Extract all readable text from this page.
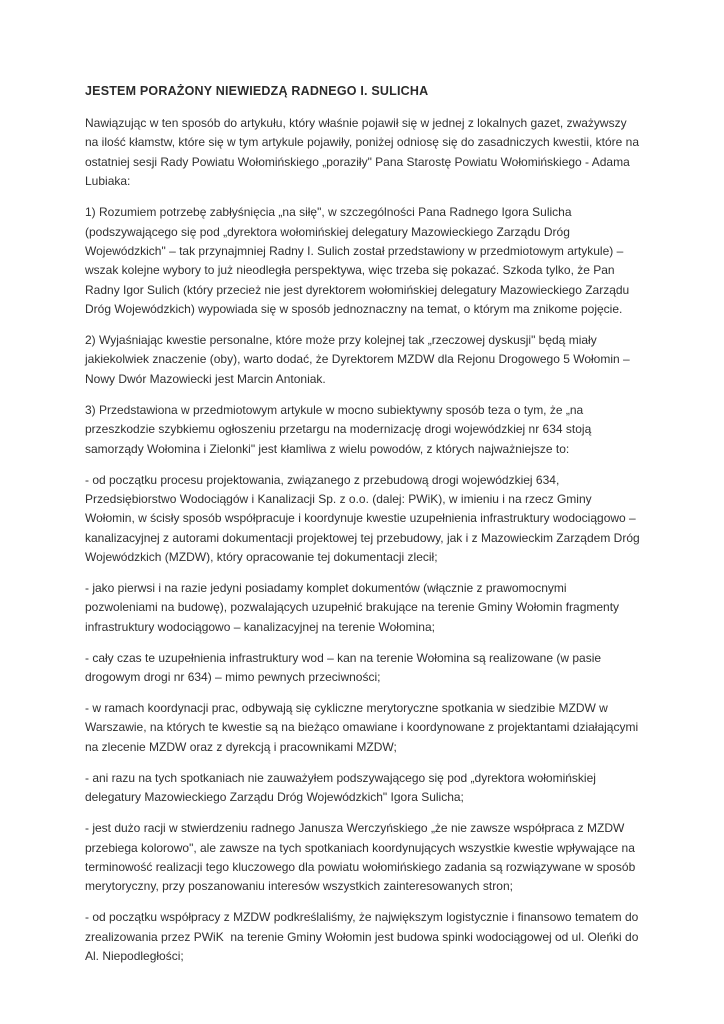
JESTEM PORAŻONY NIEWIEDZĄ RADNEGO I. SULICHA

Nawiązując w ten sposób do artykułu, który właśnie pojawił się w jednej z lokalnych gazet, zważywszy na ilość kłamstw, które się w tym artykule pojawiły, poniżej odniosę się do zasadniczych kwestii, które na ostatniej sesji Rady Powiatu Wołomińskiego „poraziły" Pana Starostę Powiatu Wołomińskiego - Adama Lubiaka:

1) Rozumiem potrzebę zabłyśnięcia „na siłę", w szczególności Pana Radnego Igora Sulicha (podszywającego się pod „dyrektora wołomińskiej delegatury Mazowieckiego Zarządu Dróg Wojewódzkich" – tak przynajmniej Radny I. Sulich został przedstawiony w przedmiotowym artykule) – wszak kolejne wybory to już nieodległa perspektywa, więc trzeba się pokazać. Szkoda tylko, że Pan Radny Igor Sulich (który przecież nie jest dyrektorem wołomińskiej delegatury Mazowieckiego Zarządu Dróg Wojewódzkich) wypowiada się w sposób jednoznaczny na temat, o którym ma znikome pojęcie.

2) Wyjaśniając kwestie personalne, które może przy kolejnej tak „rzeczowej dyskusji" będą miały jakiekolwiek znaczenie (oby), warto dodać, że Dyrektorem MZDW dla Rejonu Drogowego 5 Wołomin – Nowy Dwór Mazowiecki jest Marcin Antoniak.

3) Przedstawiona w przedmiotowym artykule w mocno subiektywny sposób teza o tym, że „na przeszkodzie szybkiemu ogłoszeniu przetargu na modernizację drogi wojewódzkiej nr 634 stoją samorządy Wołomina i Zielonki" jest kłamliwa z wielu powodów, z których najważniejsze to:

- od początku procesu projektowania, związanego z przebudową drogi wojewódzkiej 634, Przedsiębiorstwo Wodociągów i Kanalizacji Sp. z o.o. (dalej: PWiK), w imieniu i na rzecz Gminy Wołomin, w ścisły sposób współpracuje i koordynuje kwestie uzupełnienia infrastruktury wodociągowo – kanalizacyjnej z autorami dokumentacji projektowej tej przebudowy, jak i z Mazowieckim Zarządem Dróg Wojewódzkich (MZDW), który opracowanie tej dokumentacji zlecił;

- jako pierwsi i na razie jedyni posiadamy komplet dokumentów (włącznie z prawomocnymi pozwoleniami na budowę), pozwalających uzupełnić brakujące na terenie Gminy Wołomin fragmenty infrastruktury wodociągowo – kanalizacyjnej na terenie Wołomina;

- cały czas te uzupełnienia infrastruktury wod – kan na terenie Wołomina są realizowane (w pasie drogowym drogi nr 634) – mimo pewnych przeciwności;

- w ramach koordynacji prac, odbywają się cykliczne merytoryczne spotkania w siedzibie MZDW w Warszawie, na których te kwestie są na bieżąco omawiane i koordynowane z projektantami działającymi na zlecenie MZDW oraz z dyrekcją i pracownikami MZDW;

- ani razu na tych spotkaniach nie zauważyłem podszywającego się pod „dyrektora wołomińskiej delegatury Mazowieckiego Zarządu Dróg Wojewódzkich" Igora Sulicha;

- jest dużo racji w stwierdzeniu radnego Janusza Werczyńskiego „że nie zawsze współpraca z MZDW przebiega kolorowo", ale zawsze na tych spotkaniach koordynujących wszystkie kwestie wpływające na terminowość realizacji tego kluczowego dla powiatu wołomińskiego zadania są rozwiązywane w sposób merytoryczny, przy poszanowaniu interesów wszystkich zainteresowanych stron;

- od początku współpracy z MZDW podkreślaliśmy, że największym logistycznie i finansowo tematem do zrealizowania przez PWiK  na terenie Gminy Wołomin jest budowa spinki wodociągowej od ul. Oleńki do Al. Niepodległości;
